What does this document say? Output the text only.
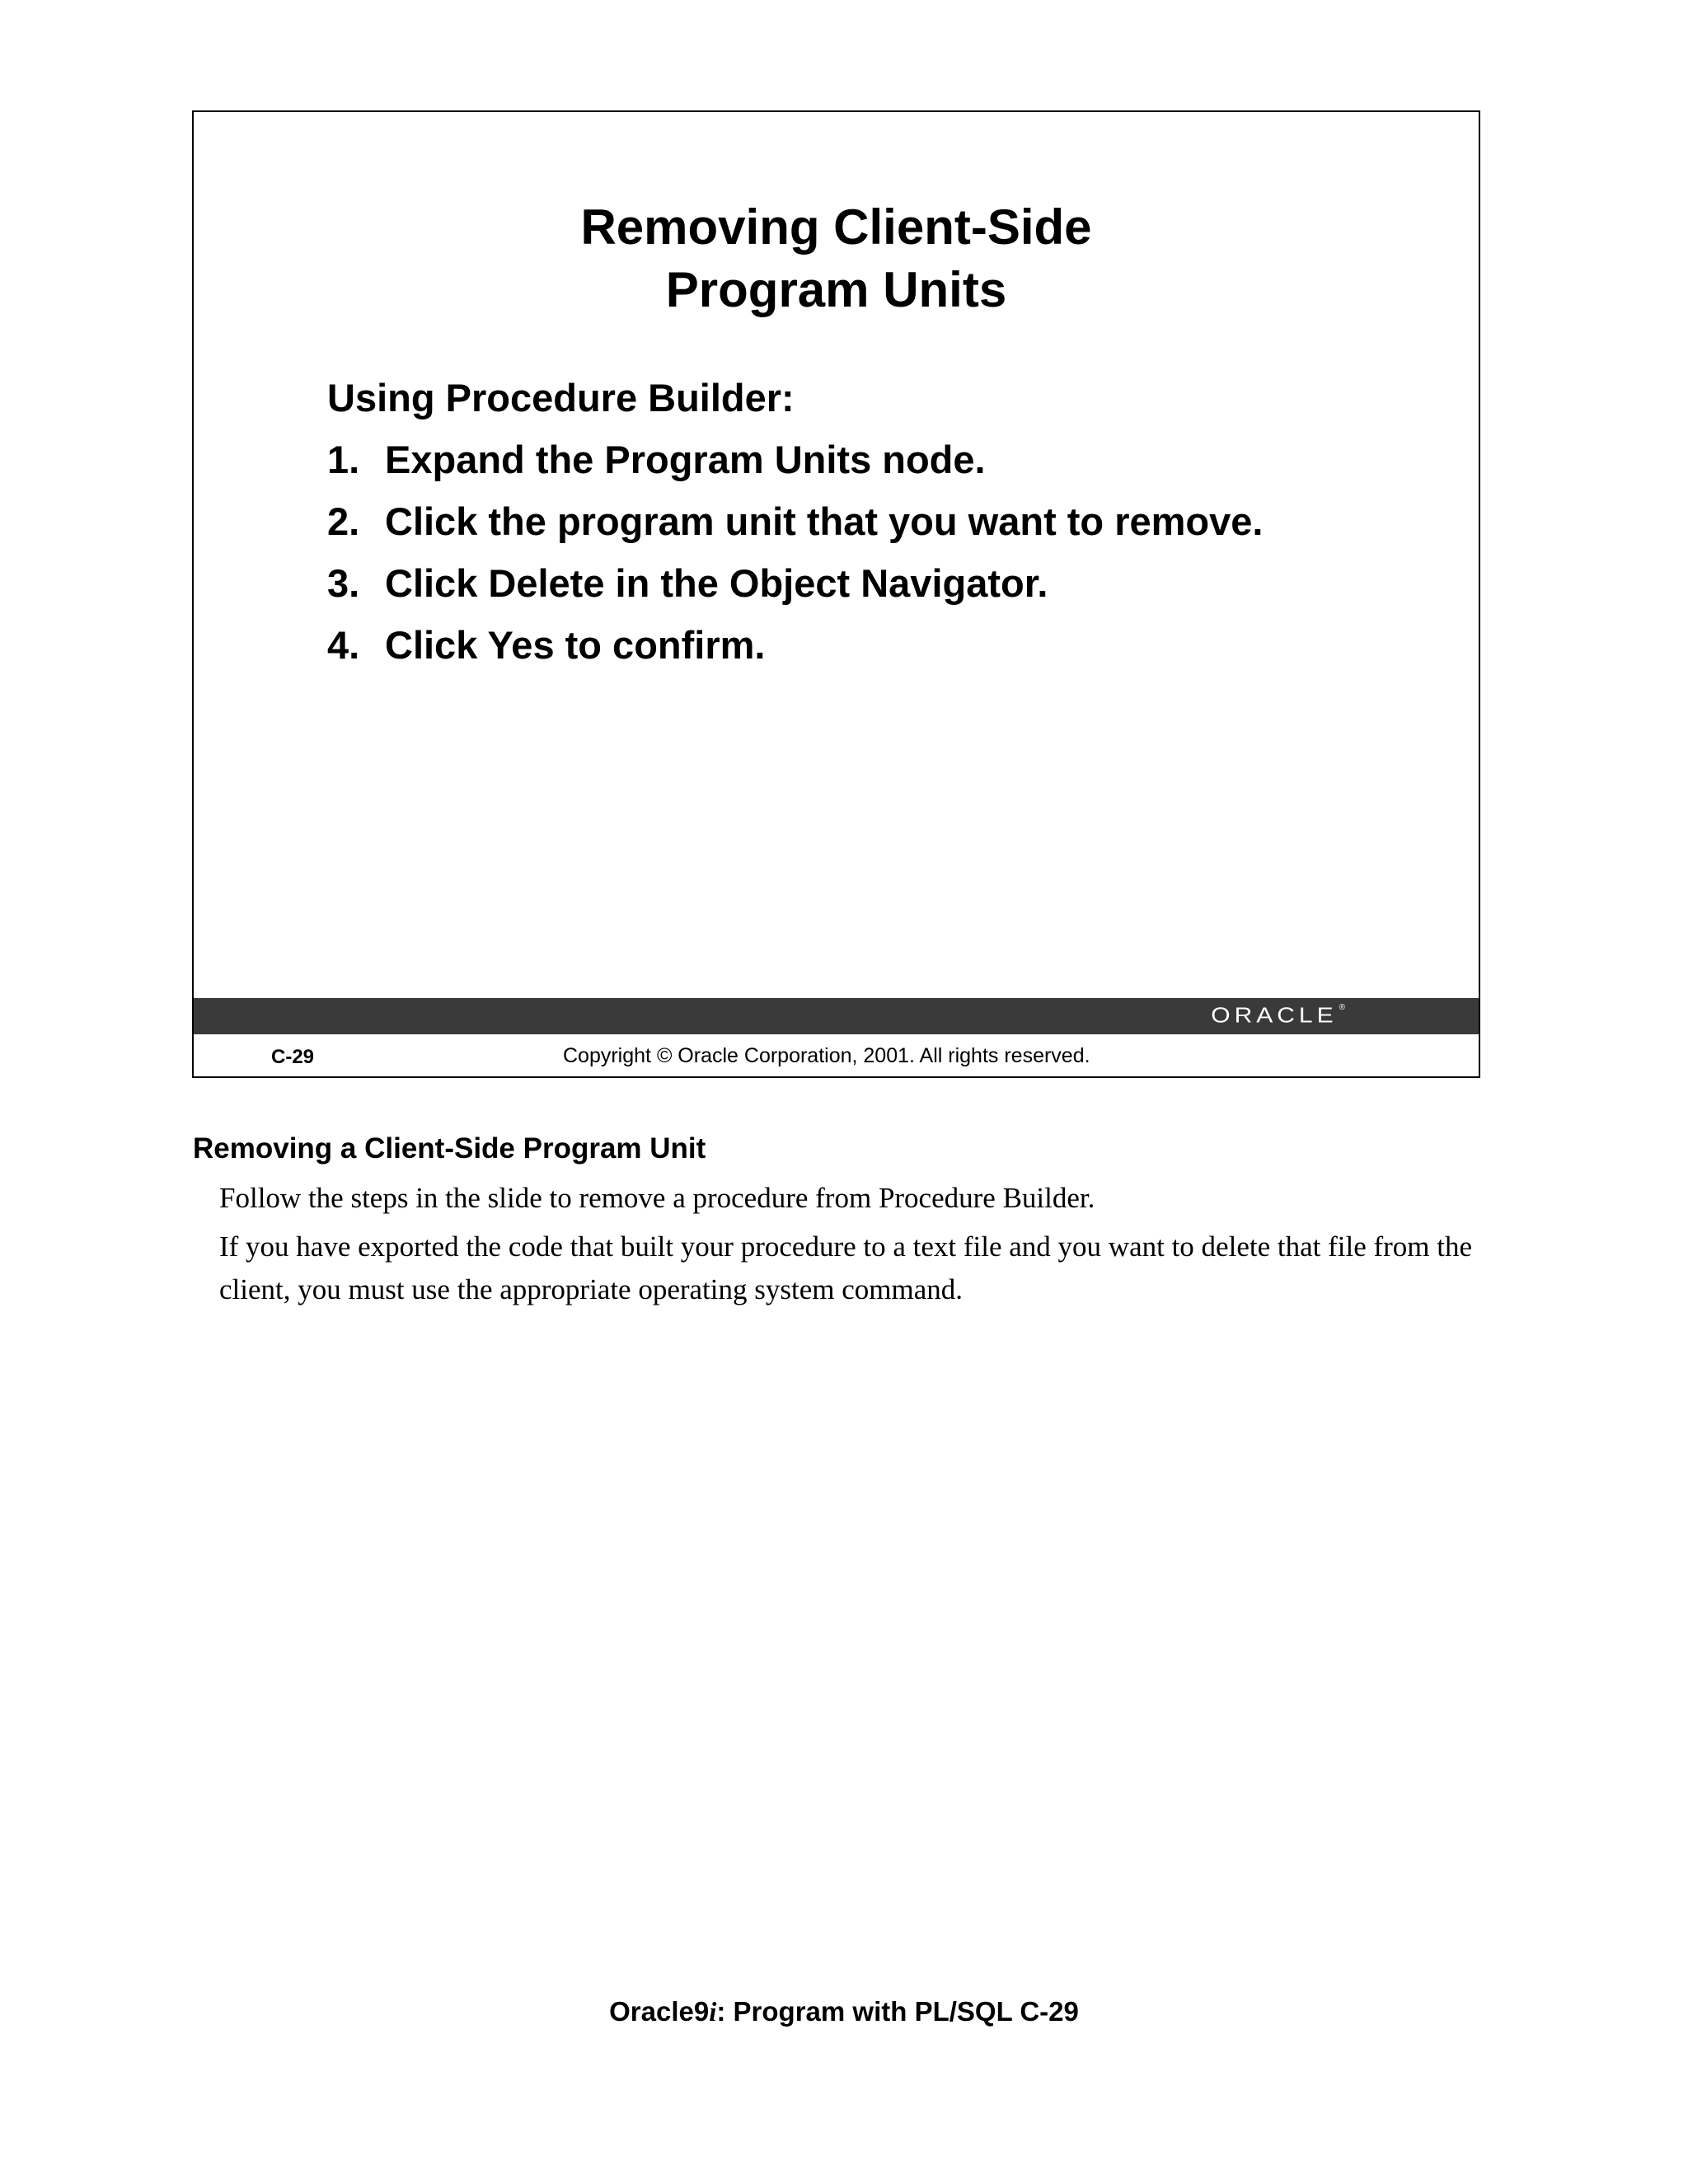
Removing Client-Side
Program Units

Using Procedure Builder:

1. Expand the Program Units node.
2. Click the program unit that you want to remove.
3. Click Delete in the Object Navigator.
4. Click Yes to confirm.
ORACLE ®
C-29	Copyright © Oracle Corporation, 2001. All rights reserved.
Removing a Client-Side Program Unit

Follow the steps in the slide to remove a procedure from Procedure Builder.

If you have exported the code that built your procedure to a text file and you want to delete that file from the client, you must use the appropriate operating system command.

Oracle9i: Program with PL/SQL C-29
